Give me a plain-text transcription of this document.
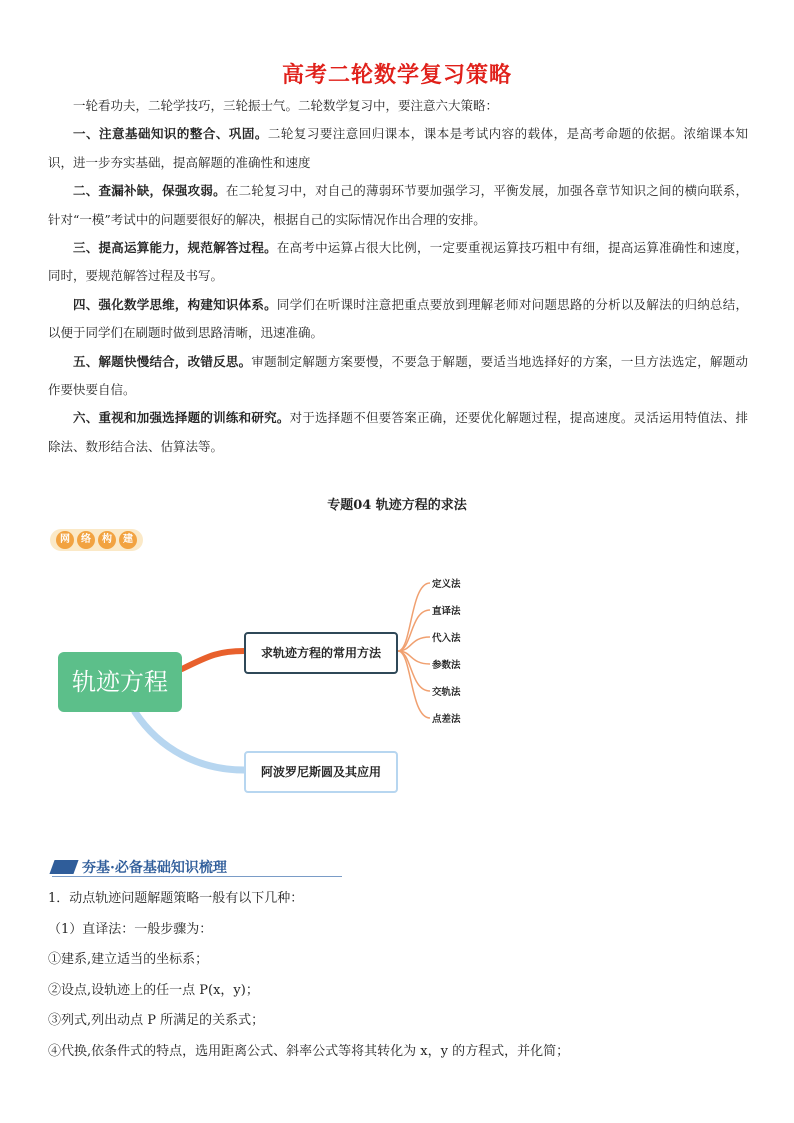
高考二轮数学复习策略

一轮看功夫，二轮学技巧，三轮振士气。二轮数学复习中，要注意六大策略：

一、注意基础知识的整合、巩固。二轮复习要注意回归课本，课本是考试内容的载体，是高考命题的依据。浓缩课本知识，进一步夯实基础，提高解题的准确性和速度

二、查漏补缺，保强攻弱。在二轮复习中，对自己的薄弱环节要加强学习，平衡发展，加强各章节知识之间的横向联系，针对“一模”考试中的问题要很好的解决，根据自己的实际情况作出合理的安排。

三、提高运算能力，规范解答过程。在高考中运算占很大比例，一定要重视运算技巧粗中有细，提高运算准确性和速度，同时，要规范解答过程及书写。

四、强化数学思维，构建知识体系。同学们在听课时注意把重点要放到理解老师对问题思路的分析以及解法的归纳总结，以便于同学们在刷题时做到思路清晰，迅速准确。

五、解题快慢结合，改错反思。审题制定解题方案要慢，不要急于解题，要适当地选择好的方案，一旦方法选定，解题动作要快要自信。

六、重视和加强选择题的训练和研究。对于选择题不但要答案正确，还要优化解题过程，提高速度。灵活运用特值法、排除法、数形结合法、估算法等。

专题04 轨迹方程的求法
网	络	构	建
轨迹方程
求轨迹方程的常用方法
阿波罗尼斯圆及其应用
定义法
直译法
代入法
参数法
交轨法
点差法
夯基·必备基础知识梳理

1．动点轨迹问题解题策略一般有以下几种：

（1）直译法：一般步骤为：

①建系,建立适当的坐标系；

②设点,设轨迹上的任一点 P(x，y)；

③列式,列出动点 P 所满足的关系式；

④代换,依条件式的特点，选用距离公式、斜率公式等将其转化为 x，y 的方程式，并化简；
